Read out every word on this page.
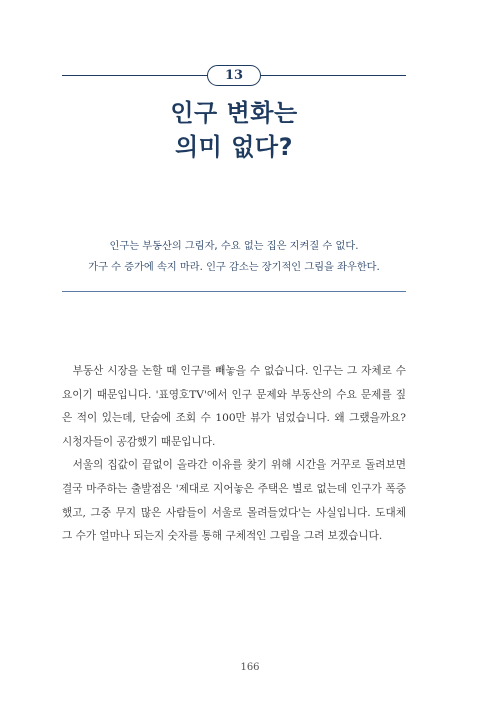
13
인구 변화는
의미 없다?
인구는 부동산의 그림자, 수요 없는 집은 지켜질 수 없다.
가구 수 증가에 속지 마라. 인구 감소는 장기적인 그림을 좌우한다.

부동산 시장을 논할 때 인구를 빼놓을 수 없습니다. 인구는 그 자체로 수요이기 때문입니다. '표영호TV'에서 인구 문제와 부동산의 수요 문제를 짚은 적이 있는데, 단숨에 조회 수 100만 뷰가 넘었습니다. 왜 그랬을까요? 시청자들이 공감했기 때문입니다.

서울의 집값이 끝없이 올라간 이유를 찾기 위해 시간을 거꾸로 돌려보면 결국 마주하는 출발점은 '제대로 지어놓은 주택은 별로 없는데 인구가 폭증했고, 그중 무지 많은 사람들이 서울로 몰려들었다'는 사실입니다. 도대체 그 수가 얼마나 되는지 숫자를 통해 구체적인 그림을 그려 보겠습니다.

166
